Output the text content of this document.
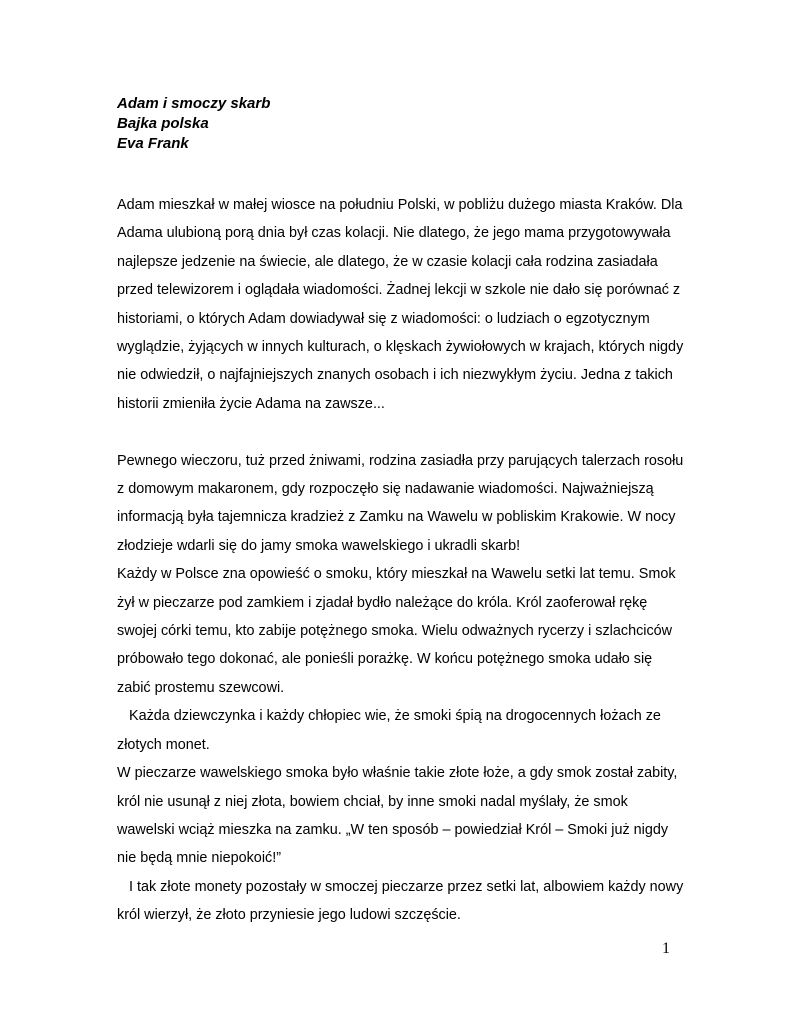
Adam i smoczy skarb
Bajka polska
Eva Frank
Adam mieszkał w małej wiosce na południu Polski, w pobliżu dużego miasta Kraków. Dla
Adama ulubioną porą dnia był czas kolacji. Nie dlatego, że jego mama przygotowywała
najlepsze jedzenie na świecie, ale dlatego, że w czasie kolacji cała rodzina zasiadała
przed telewizorem i oglądała wiadomości. Żadnej lekcji w szkole nie dało się porównać z
historiami, o których Adam dowiadywał się z wiadomości: o ludziach o egzotycznym
wyglądzie, żyjących w innych kulturach, o klęskach żywiołowych w krajach, których nigdy
nie odwiedził, o najfajniejszych znanych osobach i ich niezwykłym życiu. Jedna z takich
historii zmieniła życie Adama na zawsze...
Pewnego wieczoru, tuż przed żniwami, rodzina zasiadła przy parujących talerzach rosołu
z domowym makaronem, gdy rozpoczęło się nadawanie wiadomości. Najważniejszą
informacją była tajemnicza kradzież z Zamku na Wawelu w pobliskim Krakowie. W nocy
złodzieje wdarli się do jamy smoka wawelskiego i ukradli skarb!
Każdy w Polsce zna opowieść o smoku, który mieszkał na Wawelu setki lat temu. Smok
żył w pieczarze pod zamkiem i zjadał bydło należące do króla. Król zaoferował rękę
swojej córki temu, kto zabije potężnego smoka. Wielu odważnych rycerzy i szlachciców
próbowało tego dokonać, ale ponieśli porażkę. W końcu potężnego smoka udało się
zabić prostemu szewcowi.
Każda dziewczynka i każdy chłopiec wie, że smoki śpią na drogocennych łożach ze
złotych monet.
W pieczarze wawelskiego smoka było właśnie takie złote łoże, a gdy smok został zabity,
król nie usunął z niej złota, bowiem chciał, by inne smoki nadal myślały, że smok
wawelski wciąż mieszka na zamku. „W ten sposób – powiedział Król – Smoki już nigdy
nie będą mnie niepokoić!”
I tak złote monety pozostały w smoczej pieczarze przez setki lat, albowiem każdy nowy
król wierzył, że złoto przyniesie jego ludowi szczęście.
1
